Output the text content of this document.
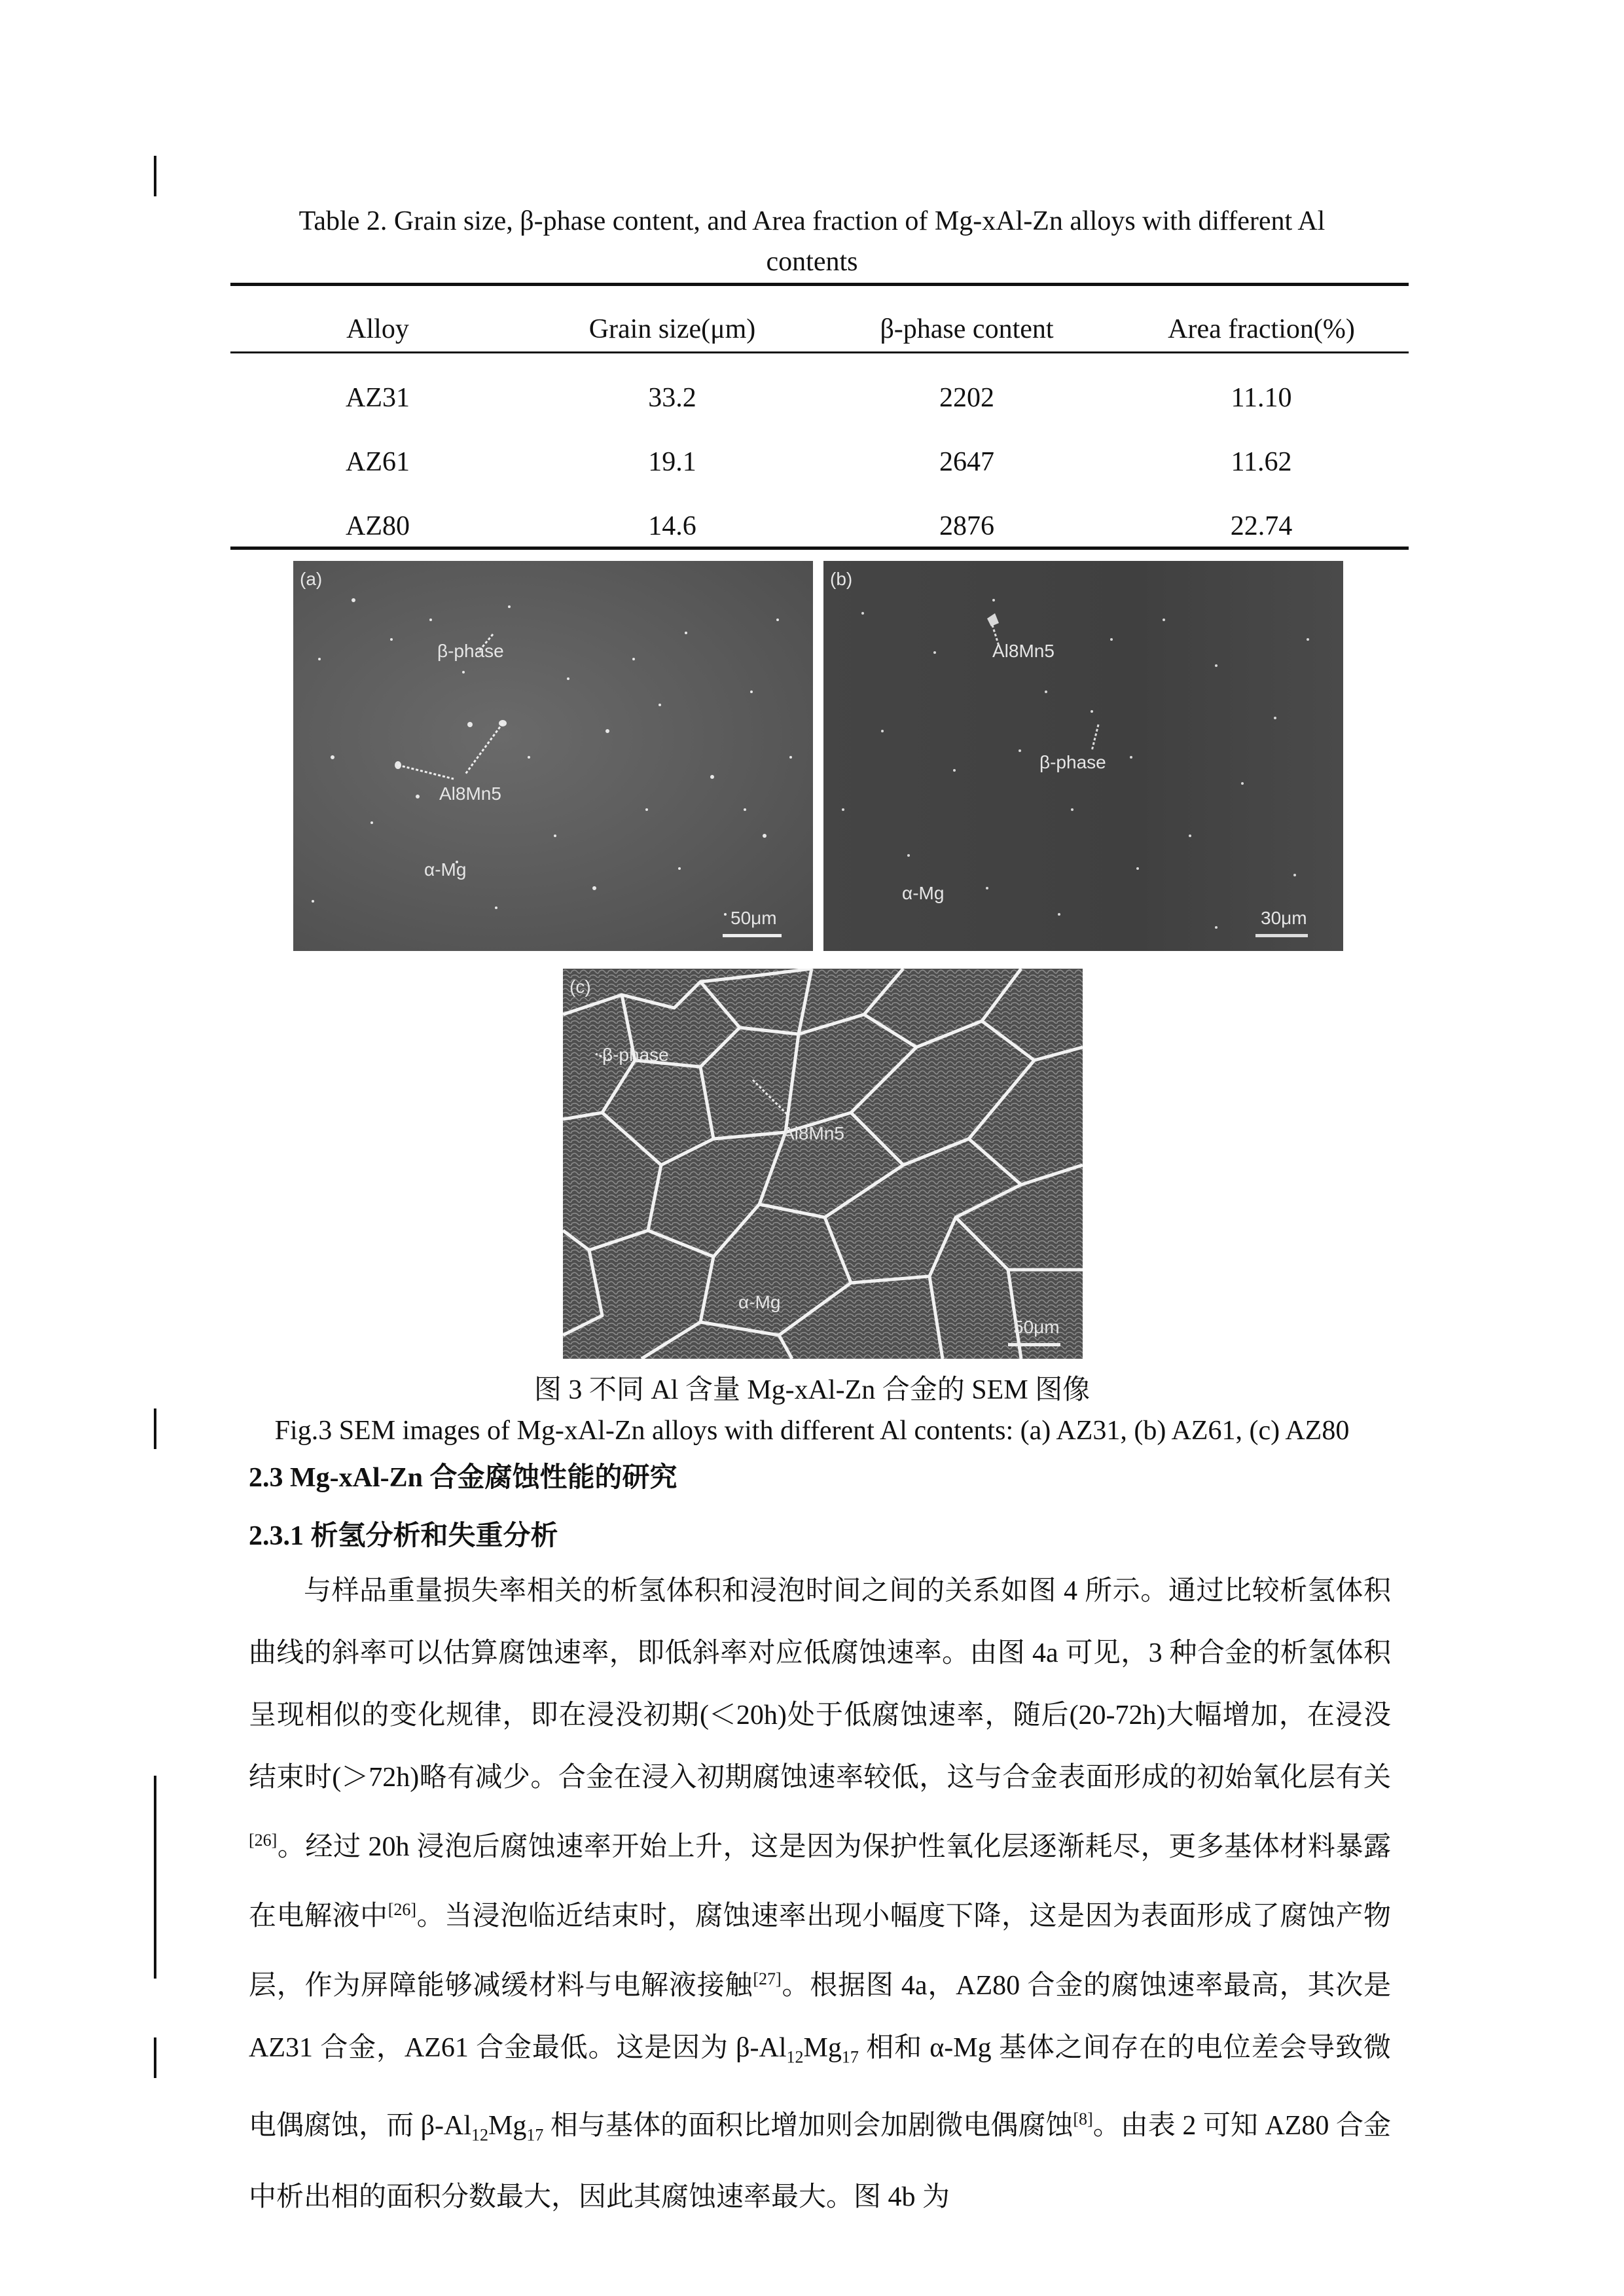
Table 2. Grain size, β-phase content, and Area fraction of Mg-xAl-Zn alloys with different Al
contents
Alloy	Grain size(μm)	β-phase content	Area fraction(%)
AZ31	33.2	2202	11.10
AZ61	19.1	2647	11.62
AZ80	14.6	2876	22.74
(a)
β-phase
Al8Mn5
α-Mg
50μm
(b)
Al8Mn5
β-phase
α-Mg
30μm
(c)
β-phase
Al8Mn5
α-Mg
50μm
图 3 不同 Al 含量 Mg-xAl-Zn 合金的 SEM 图像
Fig.3 SEM images of Mg-xAl-Zn alloys with different Al contents: (a) AZ31, (b) AZ61, (c) AZ80
2.3 Mg-xAl-Zn 合金腐蚀性能的研究
2.3.1 析氢分析和失重分析

与样品重量损失率相关的析氢体积和浸泡时间之间的关系如图 4 所示。通过比较析氢体积曲线的斜率可以估算腐蚀速率，即低斜率对应低腐蚀速率。由图 4a 可见，3 种合金的析氢体积呈现相似的变化规律，即在浸没初期(＜20h)处于低腐蚀速率，随后(20-72h)大幅增加，在浸没结束时(＞72h)略有减少。合金在浸入初期腐蚀速率较低，这与合金表面形成的初始氧化层有关[26]。经过 20h 浸泡后腐蚀速率开始上升，这是因为保护性氧化层逐渐耗尽，更多基体材料暴露在电解液中[26]。当浸泡临近结束时，腐蚀速率出现小幅度下降，这是因为表面形成了腐蚀产物层，作为屏障能够减缓材料与电解液接触[27]。根据图 4a，AZ80 合金的腐蚀速率最高，其次是 AZ31 合金，AZ61 合金最低。这是因为 $\beta-Al_{12}Mg_{17}$ 相和 α-Mg 基体之间存在的电位差会导致微电偶腐蚀，而 $\beta-Al_{12}Mg_{17}$ 相与基体的面积比增加则会加剧微电偶腐蚀[8]。由表 2 可知 AZ80 合金中析出相的面积分数最大，因此其腐蚀速率最大。图 4b 为
